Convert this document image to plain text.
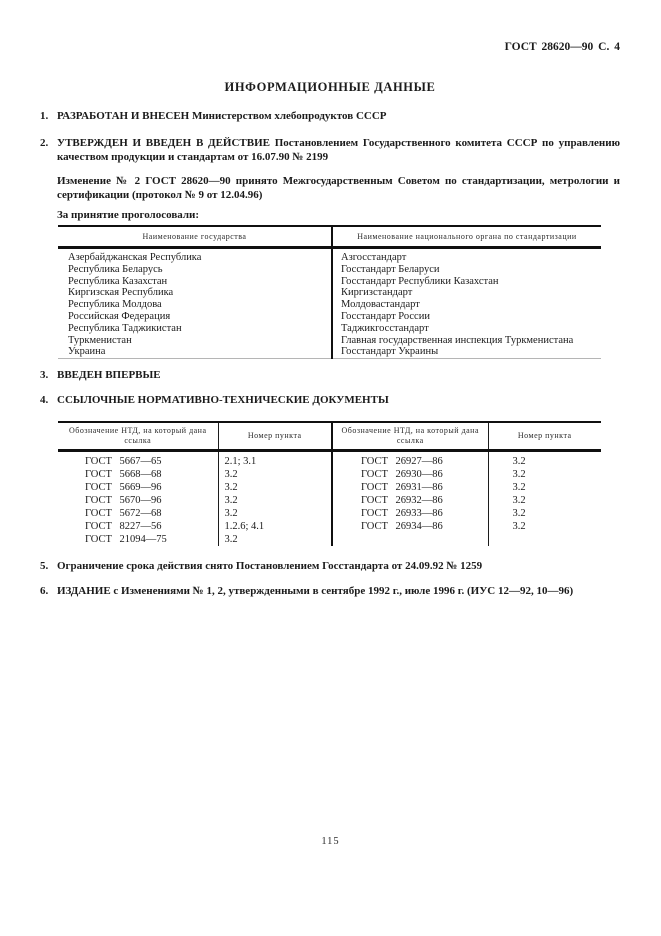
ГОСТ 28620—90 С. 4
ИНФОРМАЦИОННЫЕ ДАННЫЕ
1. РАЗРАБОТАН И ВНЕСЕН Министерством хлебопродуктов СССР
2. УТВЕРЖДЕН И ВВЕДЕН В ДЕЙСТВИЕ Постановлением Государственного комитета СССР по управлению качеством продукции и стандартам от 16.07.90 № 2199
Изменение № 2 ГОСТ 28620—90 принято Межгосударственным Советом по стандартизации, метрологии и сертификации (протокол № 9 от 12.04.96)
За принятие проголосовали:
Наименование государства	Наименование национального органа по стандартизации
Азербайджанская Республика	Азгосстандарт
Республика Беларусь	Госстандарт Беларуси
Республика Казахстан	Госстандарт Республики Казахстан
Киргизская Республика	Киргизстандарт
Республика Молдова	Молдовастандарт
Российская Федерация	Госстандарт России
Республика Таджикистан	Таджикгосстандарт
Туркменистан	Главная государственная инспекция Туркменистана
Украина	Госстандарт Украины
3. ВВЕДЕН ВПЕРВЫЕ
4. ССЫЛОЧНЫЕ НОРМАТИВНО-ТЕХНИЧЕСКИЕ ДОКУМЕНТЫ
Обозначение НТД, на который дана ссылка	Номер пункта	Обозначение НТД, на который дана ссылка	Номер пункта
ГОСТ 5667—65	2.1; 3.1	ГОСТ 26927—86	3.2
ГОСТ 5668—68	3.2	ГОСТ 26930—86	3.2
ГОСТ 5669—96	3.2	ГОСТ 26931—86	3.2
ГОСТ 5670—96	3.2	ГОСТ 26932—86	3.2
ГОСТ 5672—68	3.2	ГОСТ 26933—86	3.2
ГОСТ 8227—56	1.2.6; 4.1	ГОСТ 26934—86	3.2
ГОСТ 21094—75	3.2		
5. Ограничение срока действия снято Постановлением Госстандарта от 24.09.92 № 1259
6. ИЗДАНИЕ с Изменениями № 1, 2, утвержденными в сентябре 1992 г., июле 1996 г. (ИУС 12—92, 10—96)
115
